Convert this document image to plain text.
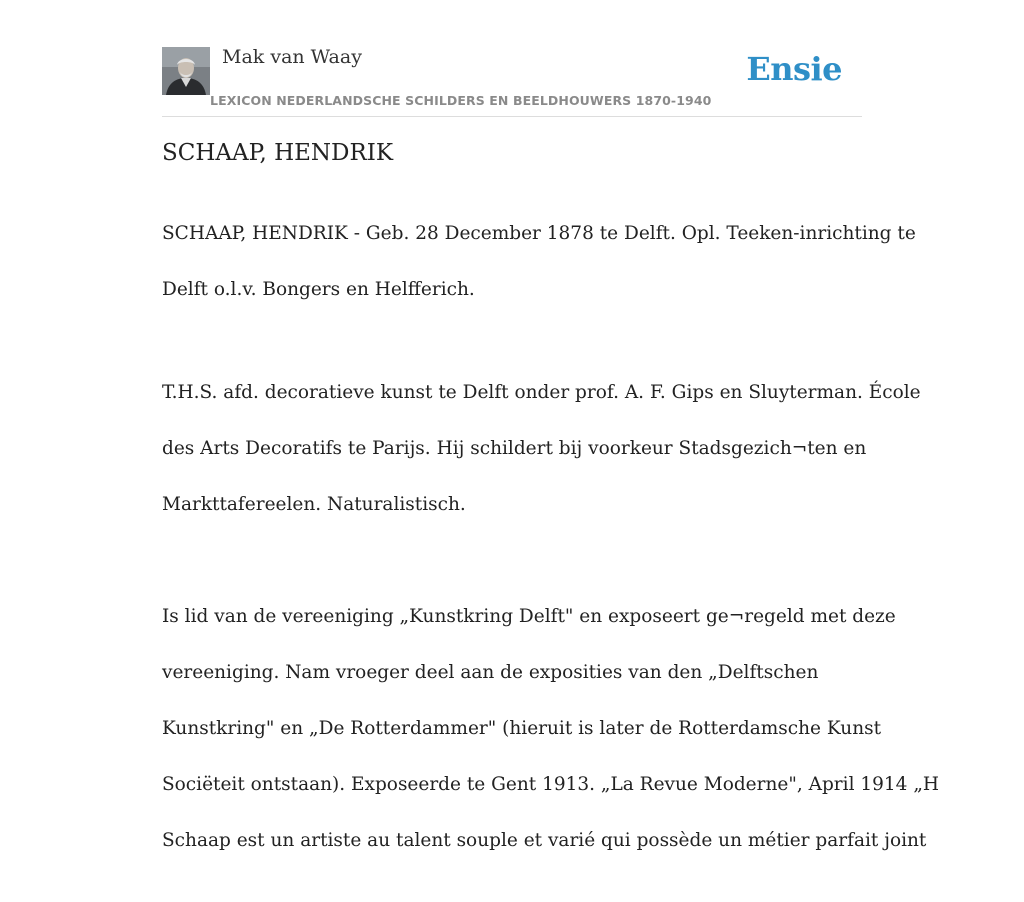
Mak van Waay
LEXICON NEDERLANDSCHE SCHILDERS EN BEELDHOUWERS 1870-1940
Ensie
SCHAAP, HENDRIK

SCHAAP, HENDRIK - Geb. 28 December 1878 te Delft. Opl. Teeken-inrichting te

Delft o.l.v. Bongers en Helfferich.

T.H.S. afd. decoratieve kunst te Delft onder prof. A. F. Gips en Sluyterman. École

des Arts Decoratifs te Parijs. Hij schildert bij voorkeur Stadsgezich¬ten en

Markttafereelen. Naturalistisch.

Is lid van de vereeniging „Kunstkring Delft" en exposeert ge¬regeld met deze

vereeniging. Nam vroeger deel aan de exposities van den „Delftschen

Kunstkring" en „De Rotterdammer" (hieruit is later de Rotterdamsche Kunst

Sociëteit ontstaan). Exposeerde te Gent 1913. „La Revue Moderne", April 1914 „H

Schaap est un artiste au talent souple et varié qui possède un métier parfait joint
